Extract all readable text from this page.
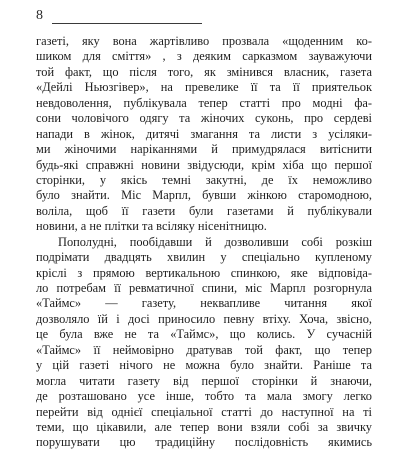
8
газеті, яку вона жартівливо прозвала «щоденним ко-
шиком для сміття» , з деяким сарказмом зауважуючи
той факт, що після того, як змінився власник, газета
«Дейлі Ньюзгівер», на превелике її та її приятельок
невдоволення, публікувала тепер статті про модні фа-
сони чоловічого одягу та жіночих суконь, про сердеві
напади в жінок, дитячі змагання та листи з усіляки-
ми жіночими нарiканнями й примудрялася витіснити
будь-які справжні новини звідусюди, крім хіба що першої
сторінки, у якісь темні закутні, де їх неможливо
було знайти. Міс Марпл, бувши жінкою старомодною,
воліла, щоб її газети були газетами й публікували
новини, а не плітки та всіляку нісенітницю.
Пополудні, пообідавши й дозволивши собі розкіш
подрімати двадцять хвилин у спеціально купленому
кріслі з прямою вертикальною спинкою, яке відповіда-
ло потребам її ревматичної спини, міс Марпл розгорнула
«Таймс» — газету, неквапливе читання якої
дозволяло їй і досі приносило певну втіху. Хоча, звісно,
це була вже не та «Таймс», що колись. У сучасній
«Таймс» її неймовірно дратував той факт, що тепер
у цій газеті нічого не можна було знайти. Раніше та
могла читати газету від першої сторінки й знаючи,
де розташовано усе інше, тобто та мала змогу легко
перейти від однієї спеціальної статті до наступної на ті
теми, що цікавили, але тепер вони взяли собі за звичку
порушувати цю традиційну послідовність якимись
